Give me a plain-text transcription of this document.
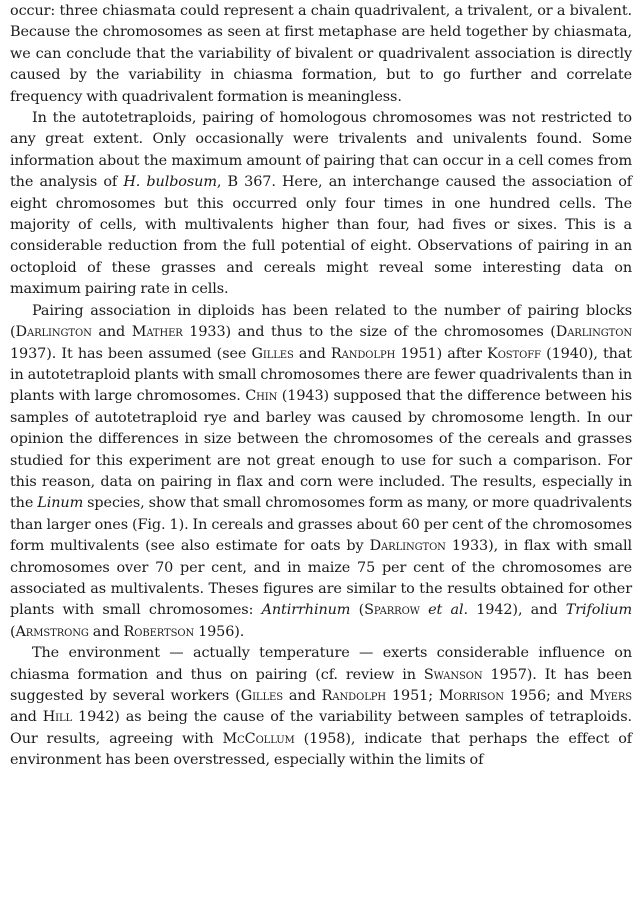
occur: three chiasmata could represent a chain quadrivalent, a trivalent, or a bivalent. Because the chromosomes as seen at first metaphase are held together by chiasmata, we can conclude that the variability of bivalent or quadrivalent association is directly caused by the variability in chiasma formation, but to go further and correlate frequency with quadrivalent formation is meaningless.

In the autotetraploids, pairing of homologous chromosomes was not restricted to any great extent. Only occasionally were trivalents and univalents found. Some information about the maximum amount of pairing that can occur in a cell comes from the analysis of H. bulbosum, B 367. Here, an interchange caused the association of eight chromosomes but this occurred only four times in one hundred cells. The majority of cells, with multivalents higher than four, had fives or sixes. This is a considerable reduction from the full potential of eight. Observations of pairing in an octoploid of these grasses and cereals might reveal some interesting data on maximum pairing rate in cells.

Pairing association in diploids has been related to the number of pairing blocks (Darlington and Mather 1933) and thus to the size of the chromosomes (Darlington 1937). It has been assumed (see Gilles and Randolph 1951) after Kostoff (1940), that in autotetraploid plants with small chromosomes there are fewer quadrivalents than in plants with large chromosomes. Chin (1943) supposed that the difference between his samples of autotetraploid rye and barley was caused by chromosome length. In our opinion the differences in size between the chromosomes of the cereals and grasses studied for this experiment are not great enough to use for such a comparison. For this reason, data on pairing in flax and corn were included. The results, especially in the Linum species, show that small chromosomes form as many, or more quadrivalents than larger ones (Fig. 1). In cereals and grasses about 60 per cent of the chromosomes form multivalents (see also estimate for oats by Darlington 1933), in flax with small chromosomes over 70 per cent, and in maize 75 per cent of the chromosomes are associated as multivalents. Theses figures are similar to the results obtained for other plants with small chromosomes: Antirrhinum (Sparrow et al. 1942), and Trifolium (Armstrong and Robertson 1956).

The environment — actually temperature — exerts considerable influence on chiasma formation and thus on pairing (cf. review in Swanson 1957). It has been suggested by several workers (Gilles and Randolph 1951; Morrison 1956; and Myers and Hill 1942) as being the cause of the variability between samples of tetraploids. Our results, agreeing with McCollum (1958), indicate that perhaps the effect of environment has been overstressed, especially within the limits of
